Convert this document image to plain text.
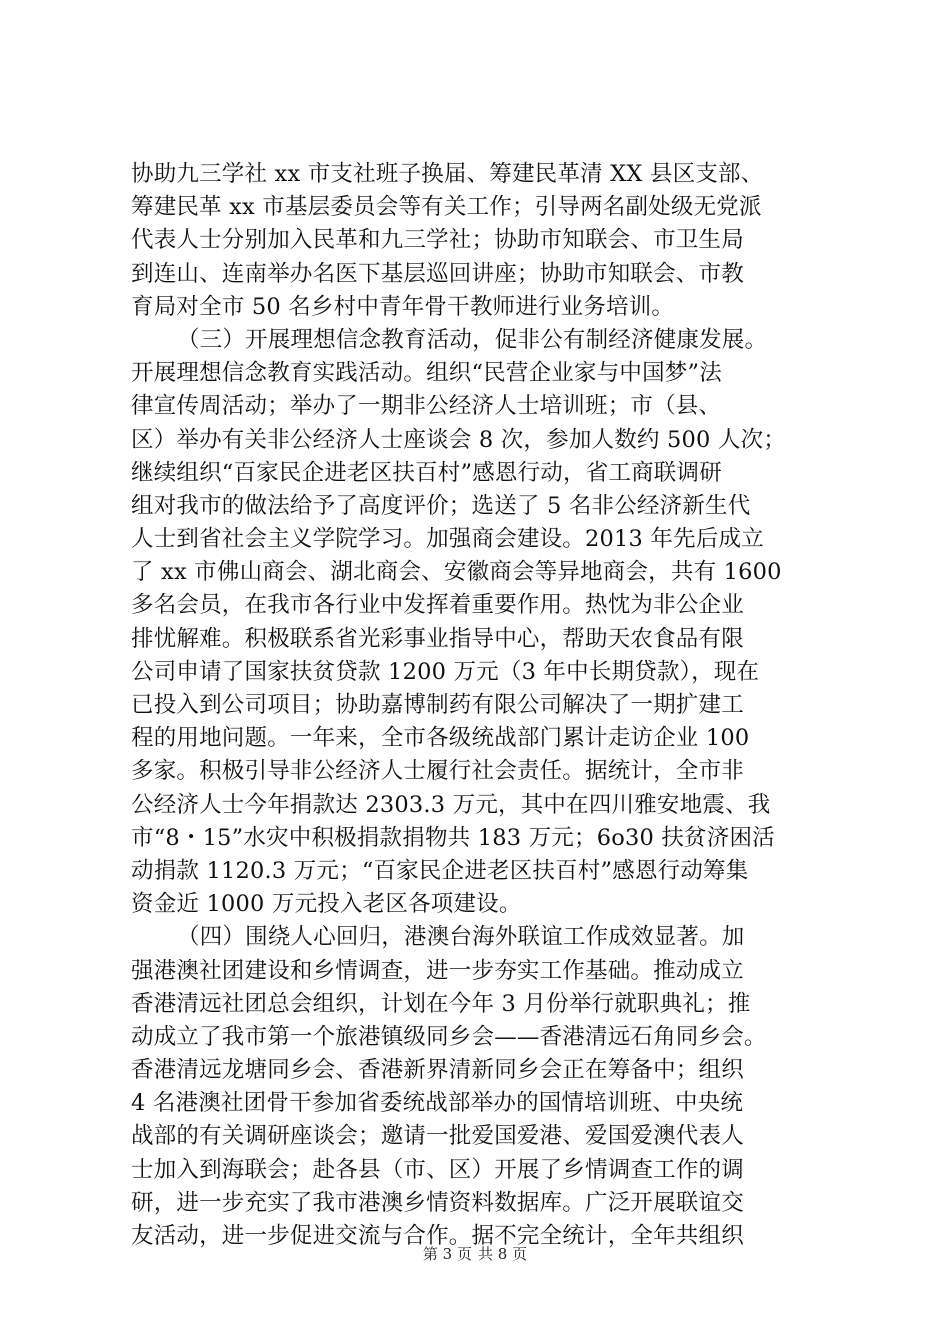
协助九三学社 xx 市支社班子换届、筹建民革清 XX 县区支部、
筹建民革 xx 市基层委员会等有关工作；引导两名副处级无党派
代表人士分别加入民革和九三学社；协助市知联会、市卫生局
到连山、连南举办名医下基层巡回讲座；协助市知联会、市教
育局对全市 50 名乡村中青年骨干教师进行业务培训。
（三）开展理想信念教育活动，促非公有制经济健康发展。
开展理想信念教育实践活动。组织“民营企业家与中国梦”法
律宣传周活动；举办了一期非公经济人士培训班；市（县、
区）举办有关非公经济人士座谈会 8 次，参加人数约 500 人次；
继续组织“百家民企进老区扶百村”感恩行动，省工商联调研
组对我市的做法给予了高度评价；选送了 5 名非公经济新生代
人士到省社会主义学院学习。加强商会建设。2013 年先后成立
了 xx 市佛山商会、湖北商会、安徽商会等异地商会，共有 1600
多名会员，在我市各行业中发挥着重要作用。热忱为非公企业
排忧解难。积极联系省光彩事业指导中心，帮助天农食品有限
公司申请了国家扶贫贷款 1200 万元（3 年中长期贷款），现在
已投入到公司项目；协助嘉博制药有限公司解决了一期扩建工
程的用地问题。一年来，全市各级统战部门累计走访企业 100
多家。积极引导非公经济人士履行社会责任。据统计，全市非
公经济人士今年捐款达 2303.3 万元，其中在四川雅安地震、我
市“8・15”水灾中积极捐款捐物共 183 万元；6o30 扶贫济困活
动捐款 1120.3 万元；“百家民企进老区扶百村”感恩行动筹集
资金近 1000 万元投入老区各项建设。
（四）围绕人心回归，港澳台海外联谊工作成效显著。加
强港澳社团建设和乡情调查，进一步夯实工作基础。推动成立
香港清远社团总会组织，计划在今年 3 月份举行就职典礼；推
动成立了我市第一个旅港镇级同乡会——香港清远石角同乡会。
香港清远龙塘同乡会、香港新界清新同乡会正在筹备中；组织
4 名港澳社团骨干参加省委统战部举办的国情培训班、中央统
战部的有关调研座谈会；邀请一批爱国爱港、爱国爱澳代表人
士加入到海联会；赴各县（市、区）开展了乡情调查工作的调
研，进一步充实了我市港澳乡情资料数据库。广泛开展联谊交
友活动，进一步促进交流与合作。据不完全统计，全年共组织
第 3 页 共 8 页
